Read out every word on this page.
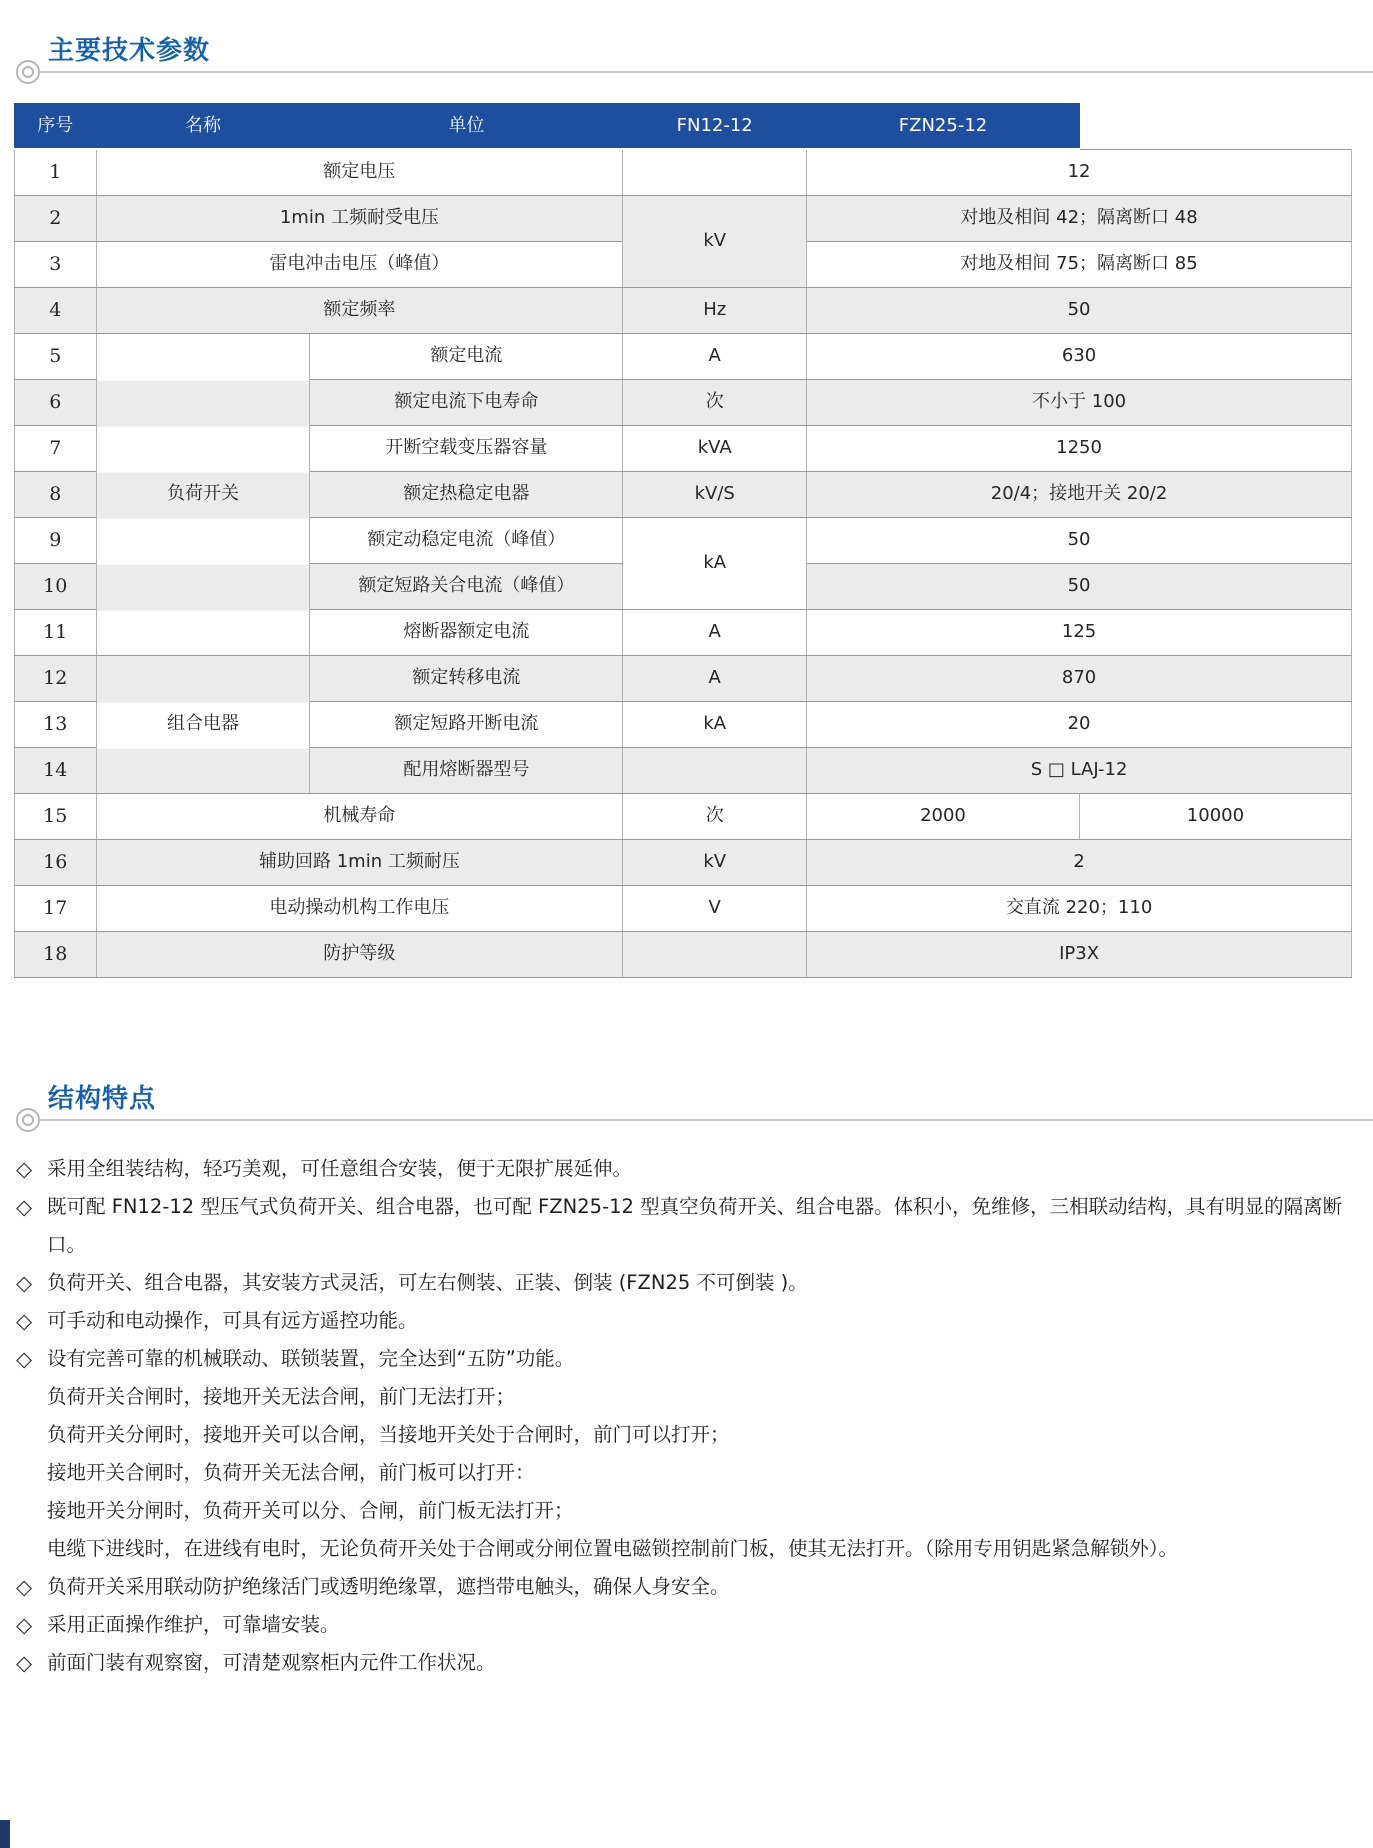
主要技术参数
序号	名称	单位	FN12-12	FZN25-12	
1	额定电压			12	
2	1min 工频耐受电压		kV	对地及相间 42；隔离断口 48	
3	雷电冲击电压（峰值）			对地及相间 75；隔离断口 85	
4	额定频率		Hz	50	
5	负荷开关	额定电流	A	630	
6		额定电流下电寿命	次	不小于 100	
7		开断空载变压器容量	kVA	1250	
8		额定热稳定电器	kV/S	20/4；接地开关 20/2	
9		额定动稳定电流（峰值）	kA	50	
10		额定短路关合电流（峰值）		50	
11		熔断器额定电流	A	125	
12	组合电器	额定转移电流	A	870	
13		额定短路开断电流	kA	20	
14		配用熔断器型号		S □ LAJ-12	
15	机械寿命		次	2000	10000
16	辅助回路 1min 工频耐压		kV	2	
17	电动操动机构工作电压		V	交直流 220；110	
18	防护等级			IP3X	
结构特点
◇ 采用全组装结构，轻巧美观，可任意组合安装，便于无限扩展延伸。
◇ 既可配 FN12-12 型压气式负荷开关、组合电器，也可配 FZN25-12 型真空负荷开关、组合电器。体积小，免维修，三相联动结构，具有明显的隔离断口。
◇ 负荷开关、组合电器，其安装方式灵活，可左右侧装、正装、倒装 (FZN25 不可倒装 )。
◇ 可手动和电动操作，可具有远方遥控功能。
◇ 设有完善可靠的机械联动、联锁装置，完全达到“五防”功能。
负荷开关合闸时，接地开关无法合闸，前门无法打开；
负荷开关分闸时，接地开关可以合闸，当接地开关处于合闸时，前门可以打开；
接地开关合闸时，负荷开关无法合闸，前门板可以打开：
接地开关分闸时，负荷开关可以分、合闸，前门板无法打开；
电缆下进线时，在进线有电时，无论负荷开关处于合闸或分闸位置电磁锁控制前门板，使其无法打开。（除用专用钥匙紧急解锁外）。
◇ 负荷开关采用联动防护绝缘活门或透明绝缘罩，遮挡带电触头，确保人身安全。
◇ 采用正面操作维护，可靠墙安装。
◇ 前面门装有观察窗，可清楚观察柜内元件工作状况。
